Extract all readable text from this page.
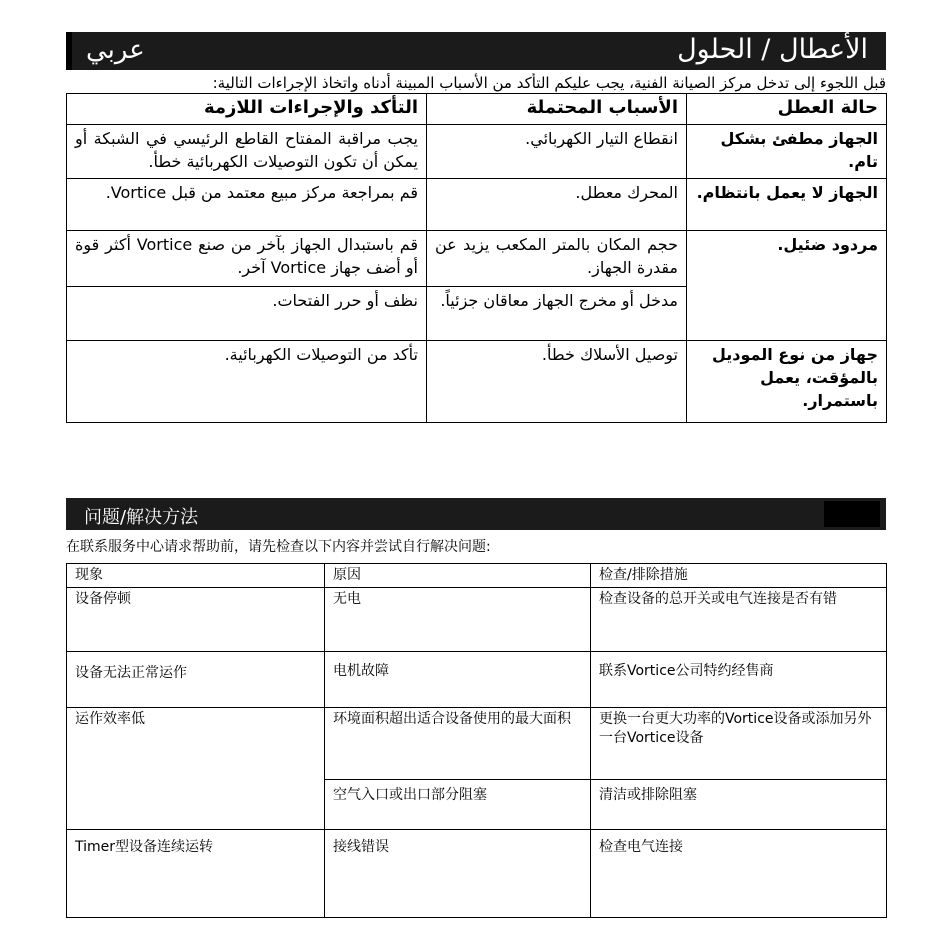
الأعطال / الحلول
عربي
قبل اللجوء إلى تدخل مركز الصيانة الفنية، يجب عليكم التأكد من الأسباب المبينة أدناه واتخاذ الإجراءات التالية:
حالة العطل	الأسباب المحتملة	التأكد والإجراءات اللازمة
الجهاز مطفئ بشكل تام.	انقطاع التيار الكهربائي.	يجب مراقبة المفتاح القاطع الرئيسي في الشبكة أو يمكن أن تكون التوصيلات الكهربائية خطأ.
الجهاز لا يعمل بانتظام.	المحرك معطل.	قم بمراجعة مركز مبيع معتمد من قبل Vortice.
مردود ضئيل.	حجم المكان بالمتر المكعب يزيد عن مقدرة الجهاز.	قم باستبدال الجهاز بآخر من صنع Vortice أكثر قوة أو أضف جهاز Vortice آخر.
	مدخل أو مخرج الجهاز معاقان جزئياً.	نظف أو حرر الفتحات.
جهاز من نوع الموديل بالمؤقت، يعمل باستمرار.	توصيل الأسلاك خطأ.	تأكد من التوصيلات الكهربائية.
问题/解决方法
在联系服务中心请求帮助前，请先检查以下内容并尝试自行解决问题:
现象	原因	检查/排除措施
设备停顿	无电	检查设备的总开关或电气连接是否有错
设备无法正常运作	电机故障	联系Vortice公司特约经售商
运作效率低	环境面积超出适合设备使用的最大面积	更换一台更大功率的Vortice设备或添加另外一台Vortice设备
	空气入口或出口部分阻塞	清洁或排除阻塞
Timer型设备连续运转	接线错误	检查电气连接
